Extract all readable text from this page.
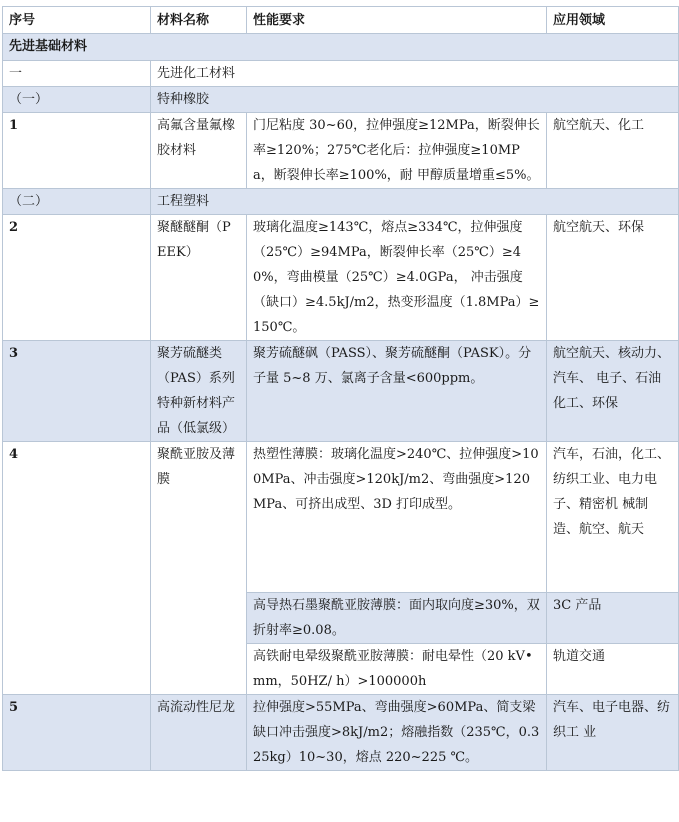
序号	材料名称	性能要求	应用领域
先进基础材料			
一	先进化工材料		
（一）	特种橡胶		
1	高氟含量氟橡胶材料	门尼粘度 30~60，拉伸强度≥12MPa，断裂伸长率≥120%；275℃老化后：拉伸强度≥10MPa，断裂伸长率≥100%，耐 甲醇质量增重≤5%。	航空航天、化工
（二）	工程塑料		
2	聚醚醚酮（PEEK）	玻璃化温度≥143℃，熔点≥334℃，拉伸强度（25℃）≥94MPa，断裂伸长率（25℃）≥40%，弯曲模量（25℃）≥4.0GPa， 冲击强度（缺口）≥4.5kJ/m2，热变形温度（1.8MPa）≥150℃。	航空航天、环保
3	聚芳硫醚类（PAS）系列特种新材料产品（低氯级）	聚芳硫醚砜（PASS）、聚芳硫醚酮（PASK）。分子量 5~8 万、氯离子含量<600ppm。	航空航天、核动力、汽车、 电子、石油化工、环保
4	聚酰亚胺及薄膜	热塑性薄膜：玻璃化温度>240℃、拉伸强度>100MPa、冲击强度>120kJ/m2、弯曲强度>120MPa、可挤出成型、3D 打印成型。	汽车，石油，化工、纺织工业、电力电子、精密机 械制造、航空、航天
		高导热石墨聚酰亚胺薄膜：面内取向度≥30%，双折射率≥0.08。	3C 产品
		高铁耐电晕级聚酰亚胺薄膜：耐电晕性（20 kV•mm，50HZ/ h）>100000h	轨道交通
5	高流动性尼龙	拉伸强度>55MPa、弯曲强度>60MPa、简支梁缺口冲击强度>8kJ/m2；熔融指数（235℃，0.325kg）10~30，熔点 220~225 ℃。	汽车、电子电器、纺织工 业
